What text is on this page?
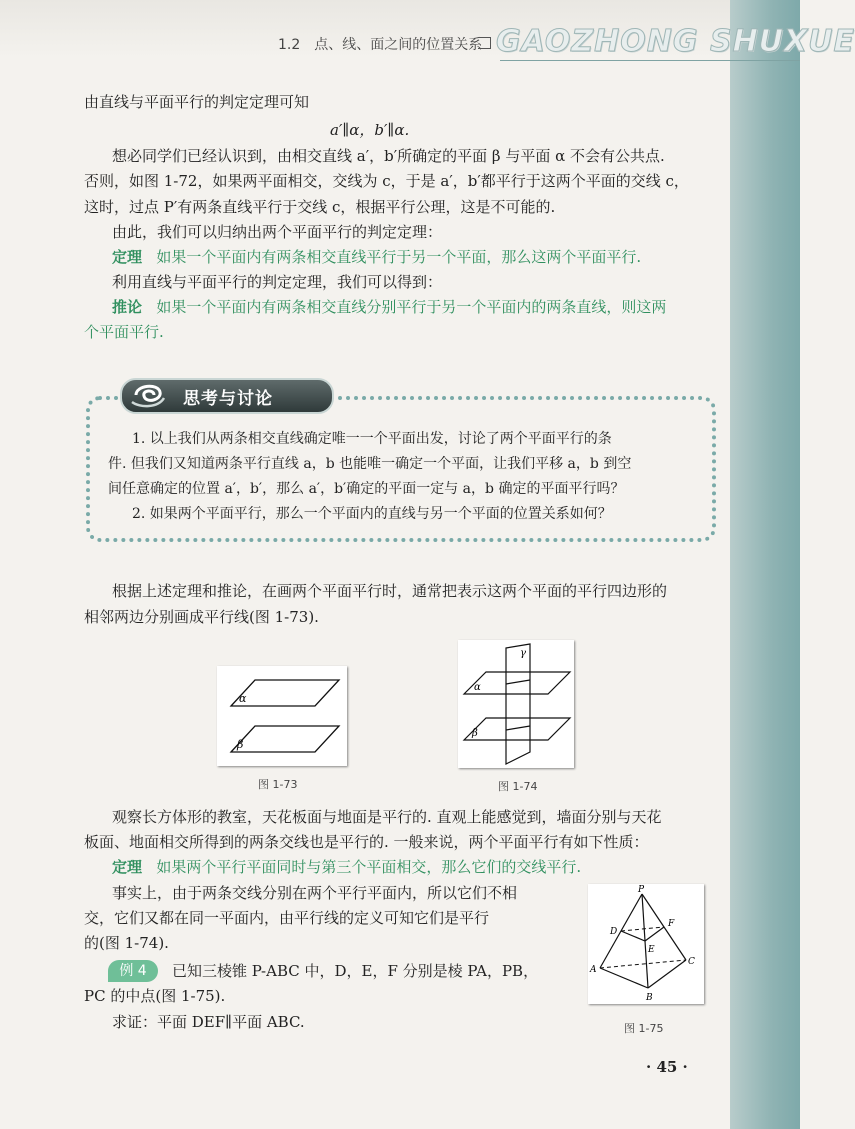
1.2　点、线、面之间的位置关系 GAOZHONG SHUXUE
由直线与平面平行的判定定理可知
a′∥α，b′∥α.
想必同学们已经认识到，由相交直线 a′，b′所确定的平面 β 与平面 α 不会有公共点.
否则，如图 1-72，如果两平面相交，交线为 c，于是 a′，b′都平行于这两个平面的交线 c，
这时，过点 P′有两条直线平行于交线 c，根据平行公理，这是不可能的.
由此，我们可以归纳出两个平面平行的判定定理：
定理 如果一个平面内有两条相交直线平行于另一个平面，那么这两个平面平行.
利用直线与平面平行的判定定理，我们可以得到：
推论 如果一个平面内有两条相交直线分别平行于另一个平面内的两条直线，则这两
个平面平行.
思考与讨论
1. 以上我们从两条相交直线确定唯一一个平面出发，讨论了两个平面平行的条
件. 但我们又知道两条平行直线 a，b 也能唯一确定一个平面，让我们平移 a，b 到空
间任意确定的位置 a′，b′，那么 a′，b′确定的平面一定与 a，b 确定的平面平行吗？
2. 如果两个平面平行，那么一个平面内的直线与另一个平面的位置关系如何？
根据上述定理和推论，在画两个平面平行时，通常把表示这两个平面的平行四边形的
相邻两边分别画成平行线(图 1-73).
α
β
图 1-73
γ
α
β
图 1-74
观察长方体形的教室，天花板面与地面是平行的. 直观上能感觉到，墙面分别与天花
板面、地面相交所得到的两条交线也是平行的. 一般来说，两个平面平行有如下性质：
定理 如果两个平行平面同时与第三个平面相交，那么它们的交线平行.
事实上，由于两条交线分别在两个平行平面内，所以它们不相
交，它们又都在同一平面内，由平行线的定义可知它们是平行
的(图 1-74).
例 4	已知三棱锥 P-ABC 中，D，E，F 分别是棱 PA，PB，
PC 的中点(图 1-75).
求证：平面 DEF∥平面 ABC.
P
A
B
C
D
E
F
图 1-75
· 45 ·
